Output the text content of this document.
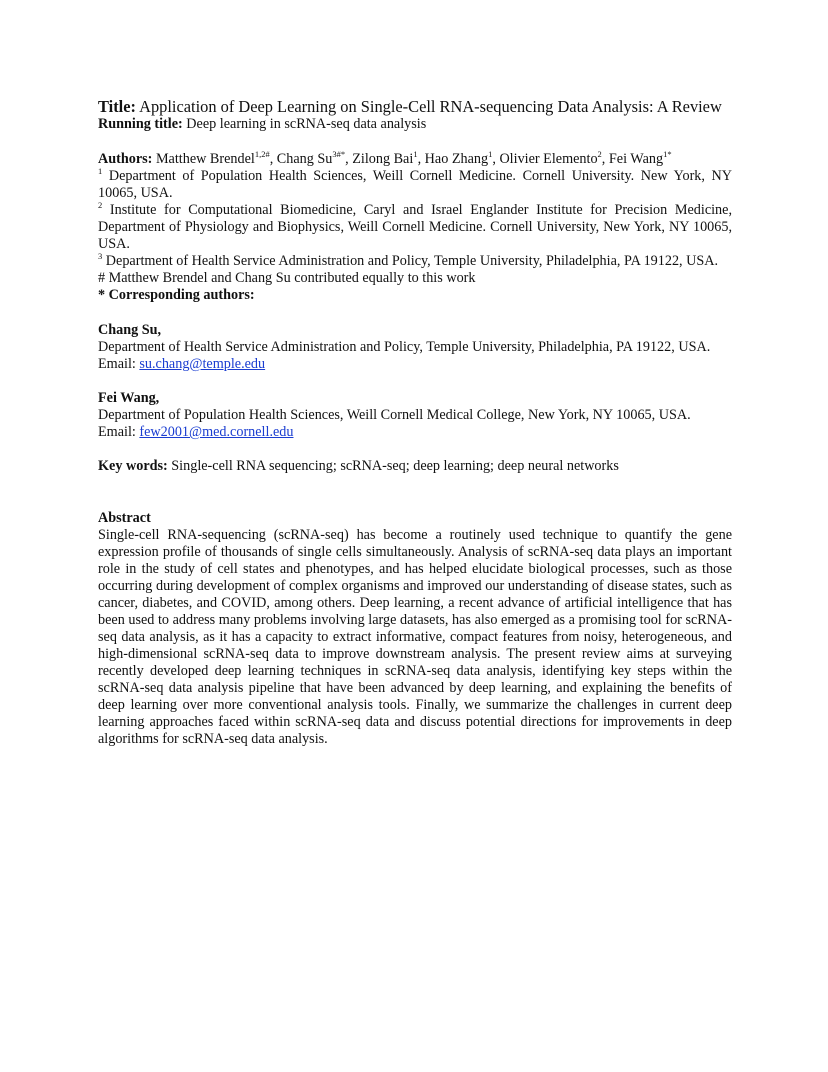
Title: Application of Deep Learning on Single-Cell RNA-sequencing Data Analysis: A Review
Running title: Deep learning in scRNA-seq data analysis
Authors: Matthew Brendel$^{1,2\#}$, Chang $Su^{3\#*}$, Zilong Bai$^1$, Hao Zhang$^1$, Olivier Elemento$^2$, Fei Wang$^{1*}$
$^1$ Department of Population Health Sciences, Weill Cornell Medicine. Cornell University. New York, NY 10065, USA.
$^2$ Institute for Computational Biomedicine, Caryl and Israel Englander Institute for Precision Medicine, Department of Physiology and Biophysics, Weill Cornell Medicine. Cornell University, New York, NY 10065, USA.
$^3$ Department of Health Service Administration and Policy, Temple University, Philadelphia, PA 19122, USA.
# Matthew Brendel and Chang Su contributed equally to this work
* Corresponding authors:
Chang Su,
Department of Health Service Administration and Policy, Temple University, Philadelphia, PA 19122, USA.
Email: su.chang@temple.edu
Fei Wang,
Department of Population Health Sciences, Weill Cornell Medical College, New York, NY 10065, USA.
Email: few2001@med.cornell.edu
Key words: Single-cell RNA sequencing; scRNA-seq; deep learning; deep neural networks
Abstract
Single-cell RNA-sequencing (scRNA-seq) has become a routinely used technique to quantify the gene expression profile of thousands of single cells simultaneously. Analysis of scRNA-seq data plays an important role in the study of cell states and phenotypes, and has helped elucidate biological processes, such as those occurring during development of complex organisms and improved our understanding of disease states, such as cancer, diabetes, and COVID, among others. Deep learning, a recent advance of artificial intelligence that has been used to address many problems involving large datasets, has also emerged as a promising tool for scRNA-seq data analysis, as it has a capacity to extract informative, compact features from noisy, heterogeneous, and high-dimensional scRNA-seq data to improve downstream analysis. The present review aims at surveying recently developed deep learning techniques in scRNA-seq data analysis, identifying key steps within the scRNA-seq data analysis pipeline that have been advanced by deep learning, and explaining the benefits of deep learning over more conventional analysis tools. Finally, we summarize the challenges in current deep learning approaches faced within scRNA-seq data and discuss potential directions for improvements in deep algorithms for scRNA-seq data analysis.
